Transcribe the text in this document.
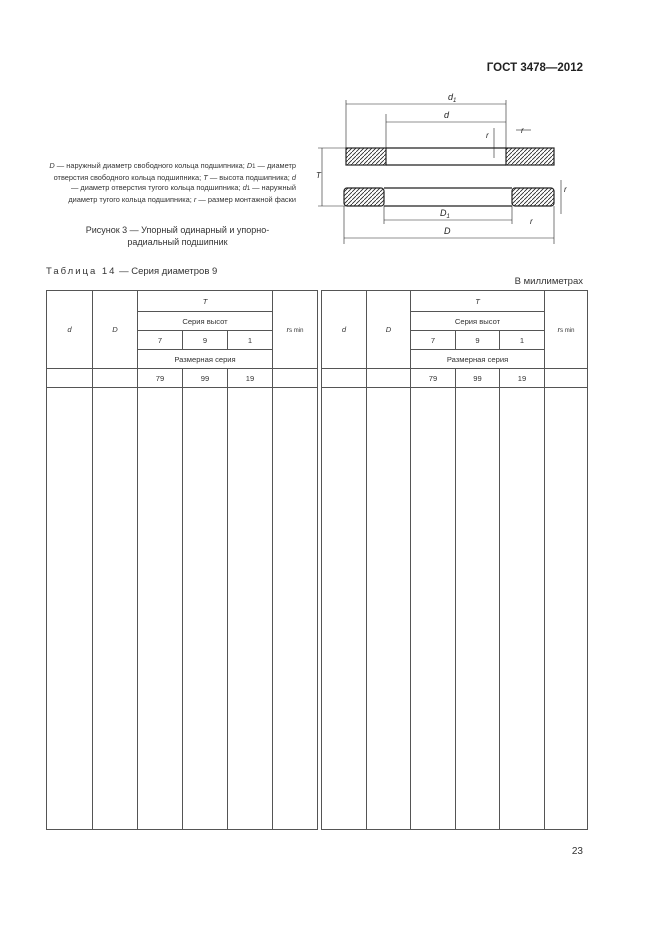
ГОСТ 3478—2012
D — наружный диаметр свободного кольца подшипника; D1 — диаметр отверстия свободного кольца подшипника; T — высота подшипника; d — диаметр отверстия тугого кольца подшипника; d1 — наружный диаметр тугого кольца подшипника; r — размер монтажной фаски
$d_1$
d
r
r
T
r
r
$D_1$
D
Рисунок 3 — Упорный одинарный и упорно-радиальный подшипник
Таблица 14 — Серия диаметров 9
В миллиметрах
d	D	T			rs min		d	D	T			rs min
		Серия высот							Серия высот			
		7	9	1					7	9	1	
		Размерная серия							Размерная серия			
		79	99	19					79	99	19	

23
